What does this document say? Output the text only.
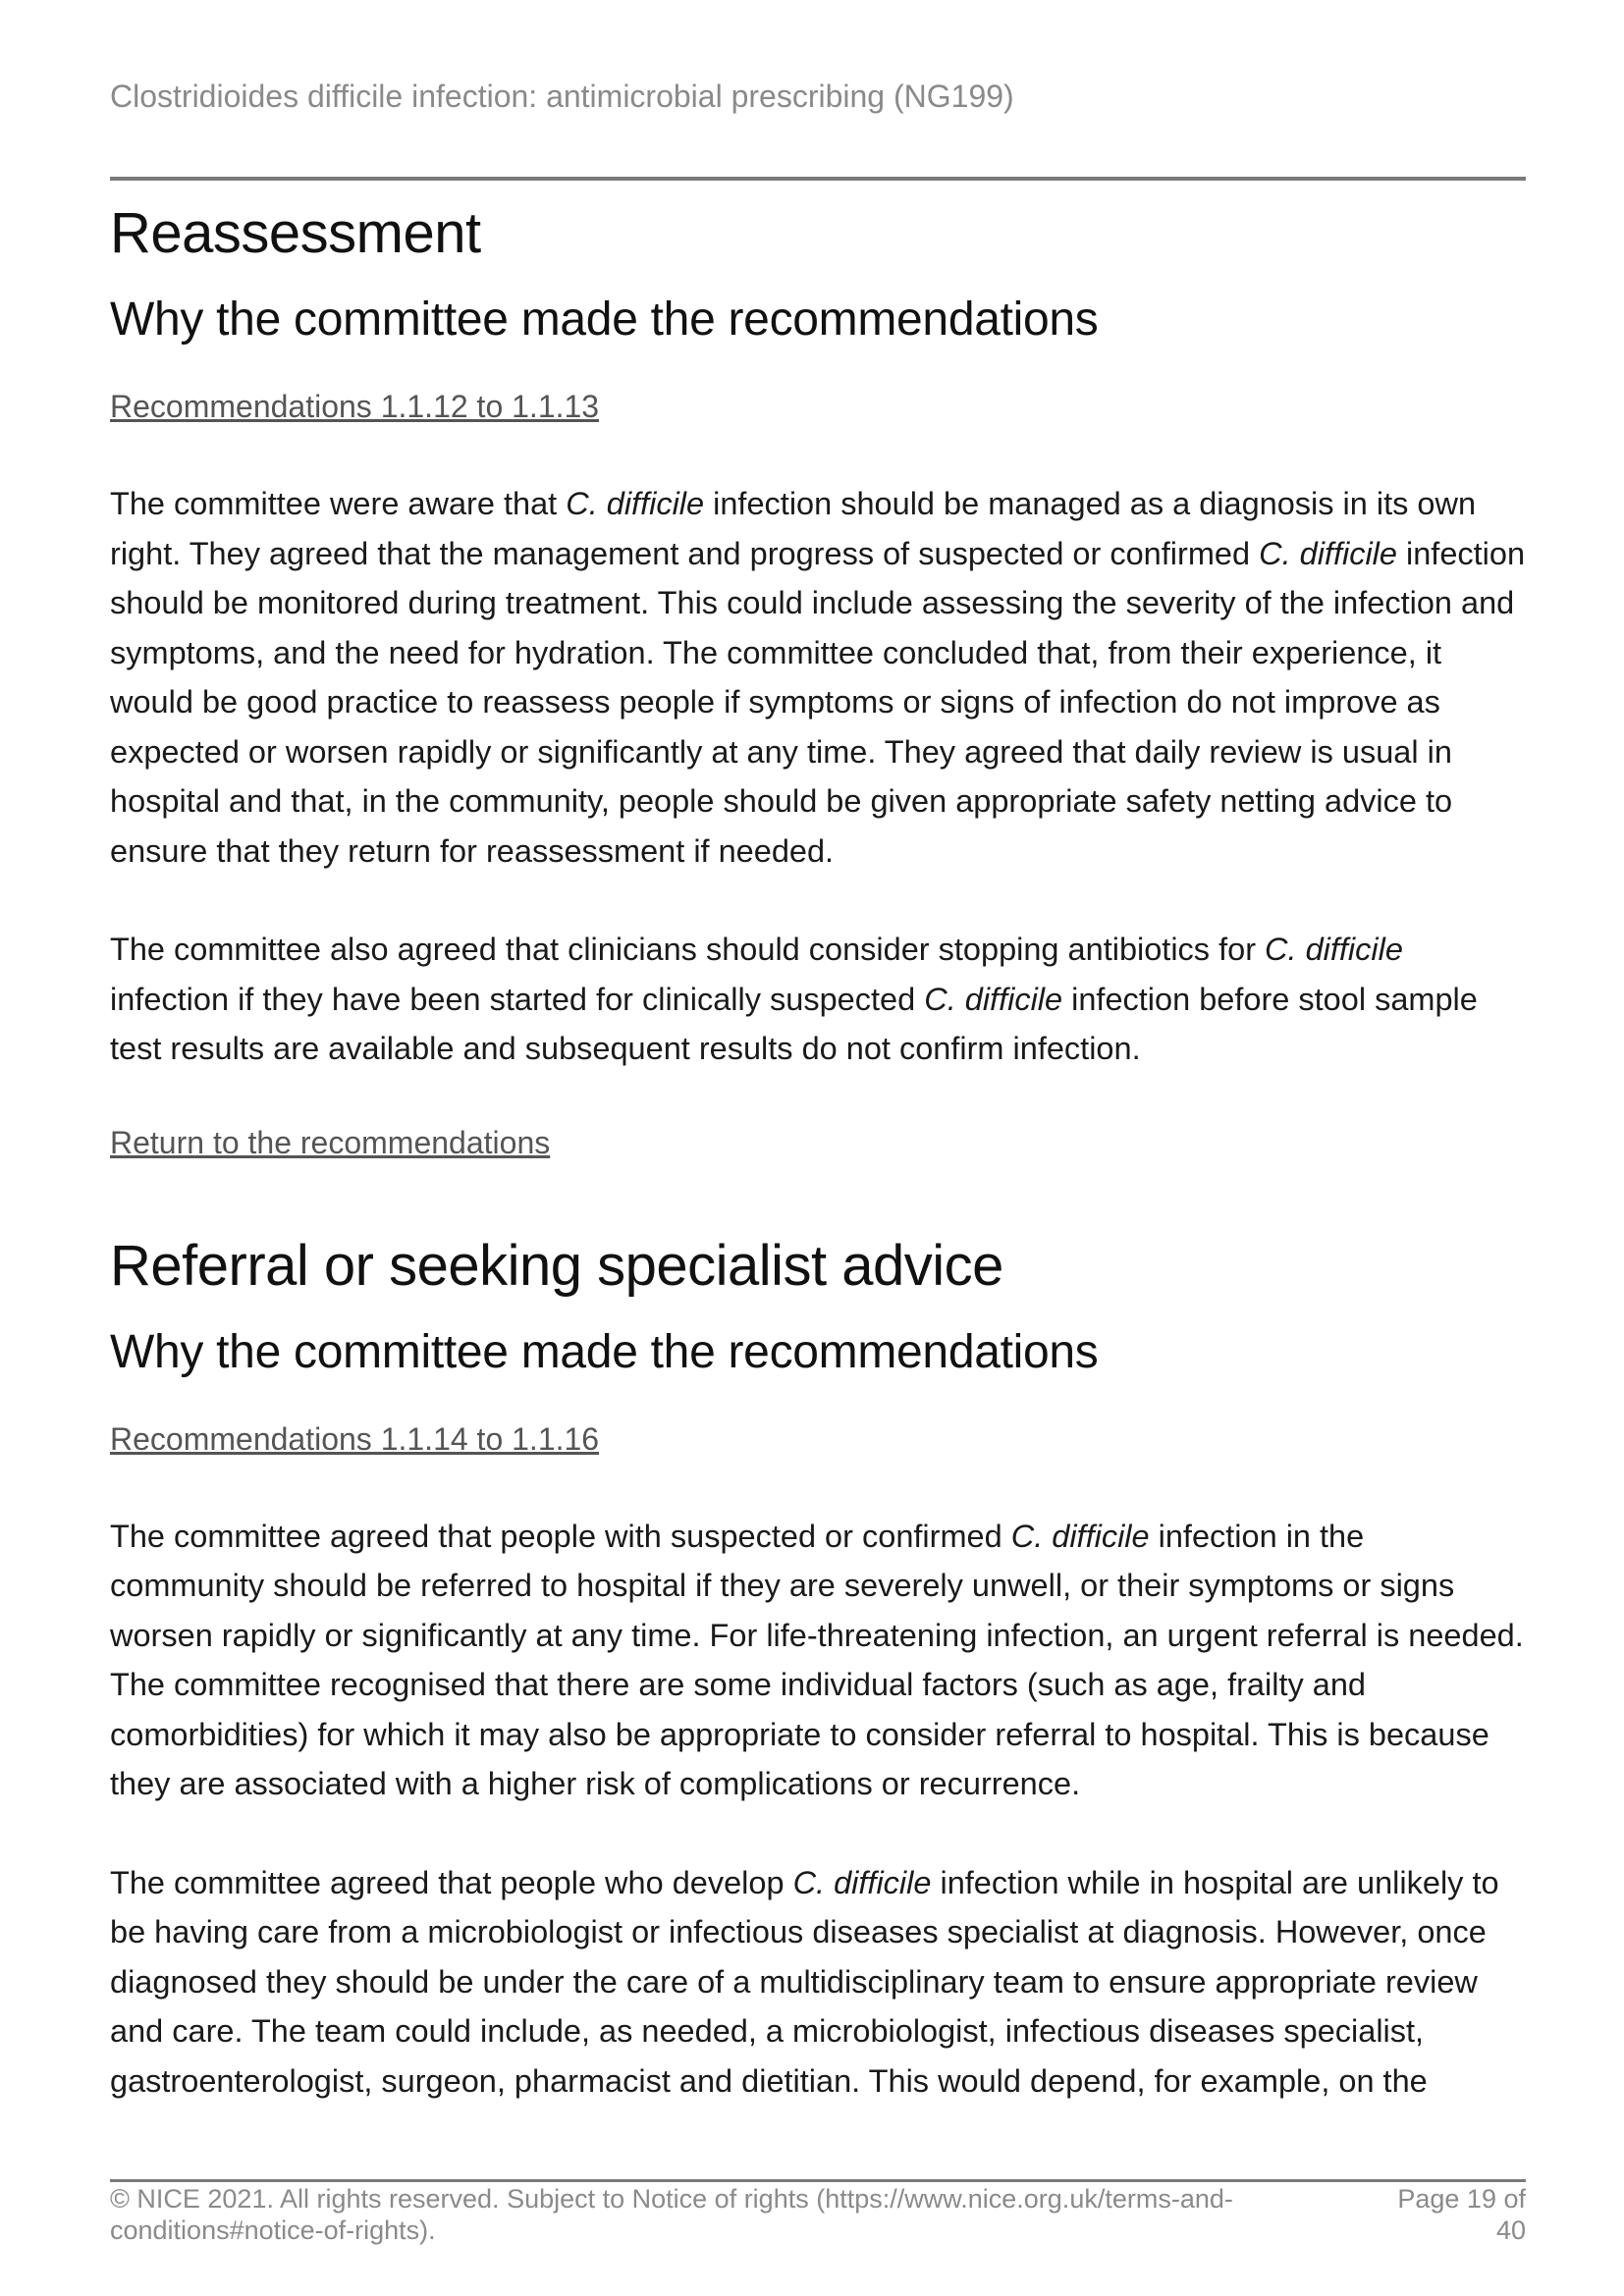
Clostridioides difficile infection: antimicrobial prescribing (NG199)
Reassessment
Why the committee made the recommendations
Recommendations 1.1.12 to 1.1.13

The committee were aware that C. difficile infection should be managed as a diagnosis in its own right. They agreed that the management and progress of suspected or confirmed C. difficile infection should be monitored during treatment. This could include assessing the severity of the infection and symptoms, and the need for hydration. The committee concluded that, from their experience, it would be good practice to reassess people if symptoms or signs of infection do not improve as expected or worsen rapidly or significantly at any time. They agreed that daily review is usual in hospital and that, in the community, people should be given appropriate safety netting advice to ensure that they return for reassessment if needed.

The committee also agreed that clinicians should consider stopping antibiotics for C. difficile infection if they have been started for clinically suspected C. difficile infection before stool sample test results are available and subsequent results do not confirm infection.

Return to the recommendations
Referral or seeking specialist advice
Why the committee made the recommendations
Recommendations 1.1.14 to 1.1.16

The committee agreed that people with suspected or confirmed C. difficile infection in the community should be referred to hospital if they are severely unwell, or their symptoms or signs worsen rapidly or significantly at any time. For life-threatening infection, an urgent referral is needed. The committee recognised that there are some individual factors (such as age, frailty and comorbidities) for which it may also be appropriate to consider referral to hospital. This is because they are associated with a higher risk of complications or recurrence.

The committee agreed that people who develop C. difficile infection while in hospital are unlikely to be having care from a microbiologist or infectious diseases specialist at diagnosis. However, once diagnosed they should be under the care of a multidisciplinary team to ensure appropriate review and care. The team could include, as needed, a microbiologist, infectious diseases specialist, gastroenterologist, surgeon, pharmacist and dietitian. This would depend, for example, on the

© NICE 2021. All rights reserved. Subject to Notice of rights (https://www.nice.org.uk/terms-and-conditions#notice-of-rights).
Page 19 of 40
